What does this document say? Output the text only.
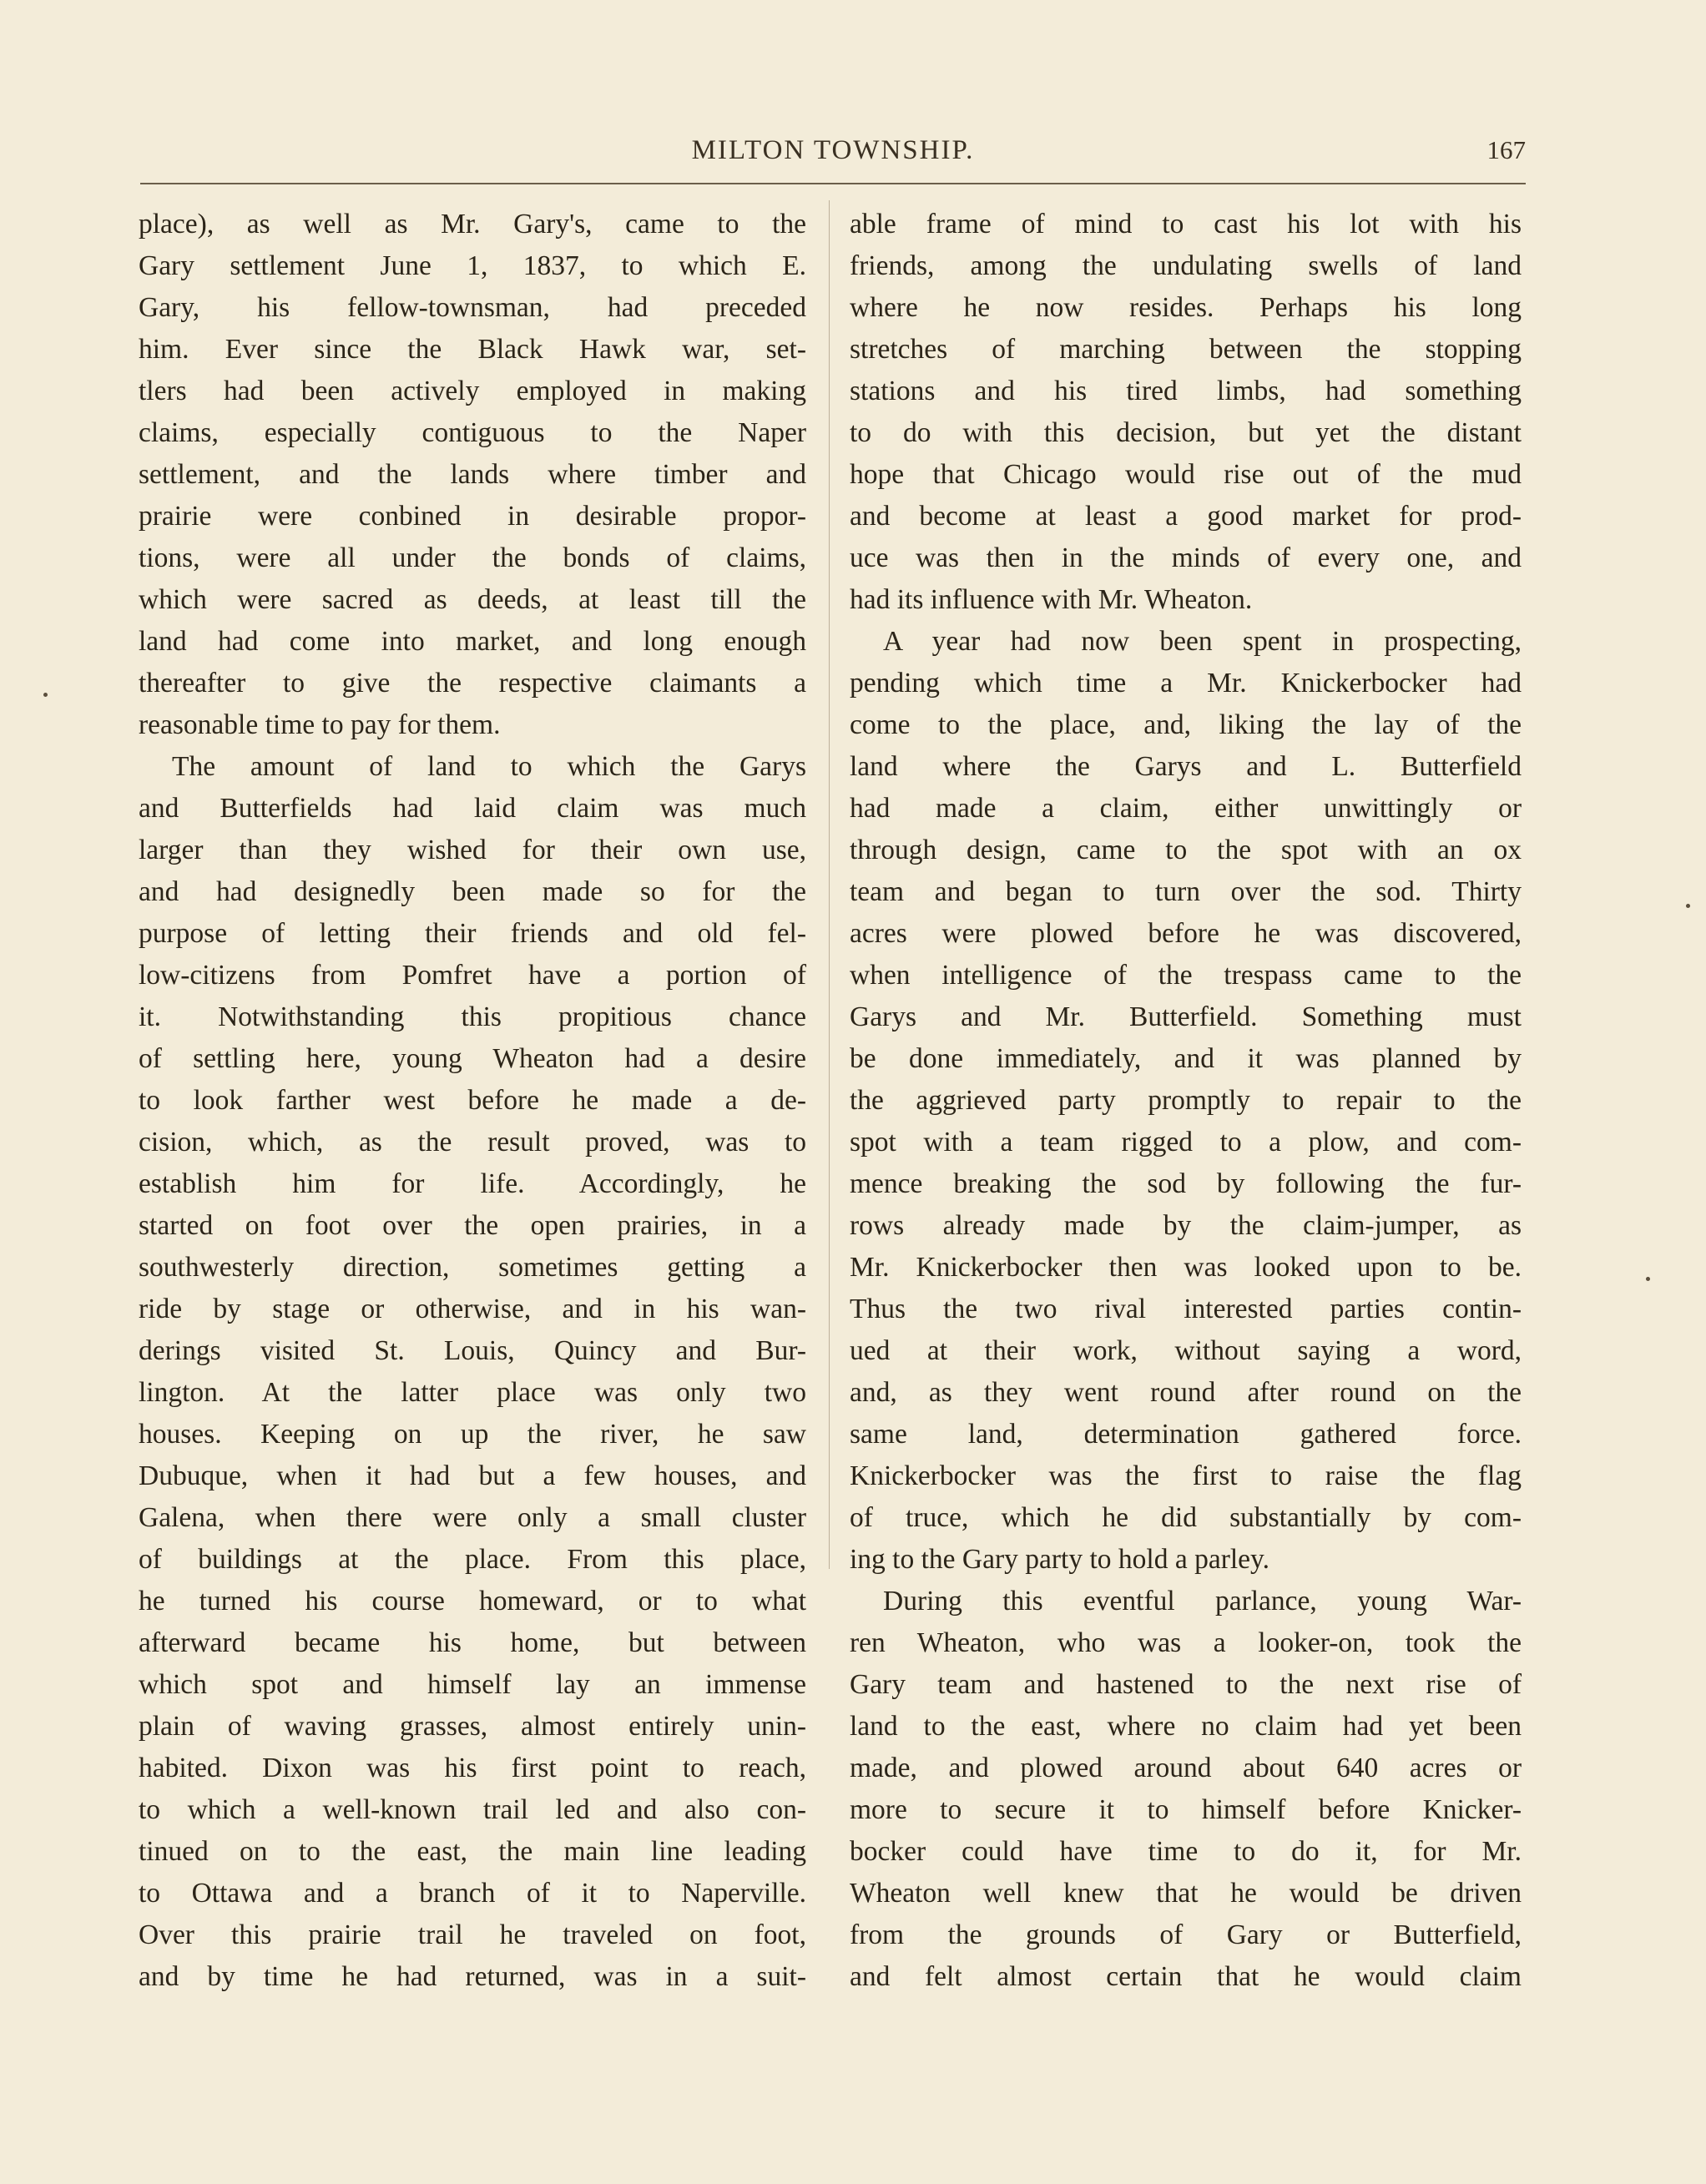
MILTON TOWNSHIP.	167
place), as well as Mr. Gary's, came to the
Gary settlement June 1, 1837, to which E.
Gary, his fellow-townsman, had preceded
him. Ever since the Black Hawk war, set-
tlers had been actively employed in making
claims, especially contiguous to the Naper
settlement, and the lands where timber and
prairie were conbined in desirable propor-
tions, were all under the bonds of claims,
which were sacred as deeds, at least till the
land had come into market, and long enough
thereafter to give the respective claimants a
reasonable time to pay for them.
The amount of land to which the Garys
and Butterfields had laid claim was much
larger than they wished for their own use,
and had designedly been made so for the
purpose of letting their friends and old fel-
low-citizens from Pomfret have a portion of
it. Notwithstanding this propitious chance
of settling here, young Wheaton had a desire
to look farther west before he made a de-
cision, which, as the result proved, was to
establish him for life. Accordingly, he
started on foot over the open prairies, in a
southwesterly direction, sometimes getting a
ride by stage or otherwise, and in his wan-
derings visited St. Louis, Quincy and Bur-
lington. At the latter place was only two
houses. Keeping on up the river, he saw
Dubuque, when it had but a few houses, and
Galena, when there were only a small cluster
of buildings at the place. From this place,
he turned his course homeward, or to what
afterward became his home, but between
which spot and himself lay an immense
plain of waving grasses, almost entirely unin-
habited. Dixon was his first point to reach,
to which a well-known trail led and also con-
tinued on to the east, the main line leading
to Ottawa and a branch of it to Naperville.
Over this prairie trail he traveled on foot,
and by time he had returned, was in a suit-
able frame of mind to cast his lot with his
friends, among the undulating swells of land
where he now resides. Perhaps his long
stretches of marching between the stopping
stations and his tired limbs, had something
to do with this decision, but yet the distant
hope that Chicago would rise out of the mud
and become at least a good market for prod-
uce was then in the minds of every one, and
had its influence with Mr. Wheaton.
A year had now been spent in prospecting,
pending which time a Mr. Knickerbocker had
come to the place, and, liking the lay of the
land where the Garys and L. Butterfield
had made a claim, either unwittingly or
through design, came to the spot with an ox
team and began to turn over the sod. Thirty
acres were plowed before he was discovered,
when intelligence of the trespass came to the
Garys and Mr. Butterfield. Something must
be done immediately, and it was planned by
the aggrieved party promptly to repair to the
spot with a team rigged to a plow, and com-
mence breaking the sod by following the fur-
rows already made by the claim-jumper, as
Mr. Knickerbocker then was looked upon to be.
Thus the two rival interested parties contin-
ued at their work, without saying a word,
and, as they went round after round on the
same land, determination gathered force.
Knickerbocker was the first to raise the flag
of truce, which he did substantially by com-
ing to the Gary party to hold a parley.
During this eventful parlance, young War-
ren Wheaton, who was a looker-on, took the
Gary team and hastened to the next rise of
land to the east, where no claim had yet been
made, and plowed around about 640 acres or
more to secure it to himself before Knicker-
bocker could have time to do it, for Mr.
Wheaton well knew that he would be driven
from the grounds of Gary or Butterfield,
and felt almost certain that he would claim
